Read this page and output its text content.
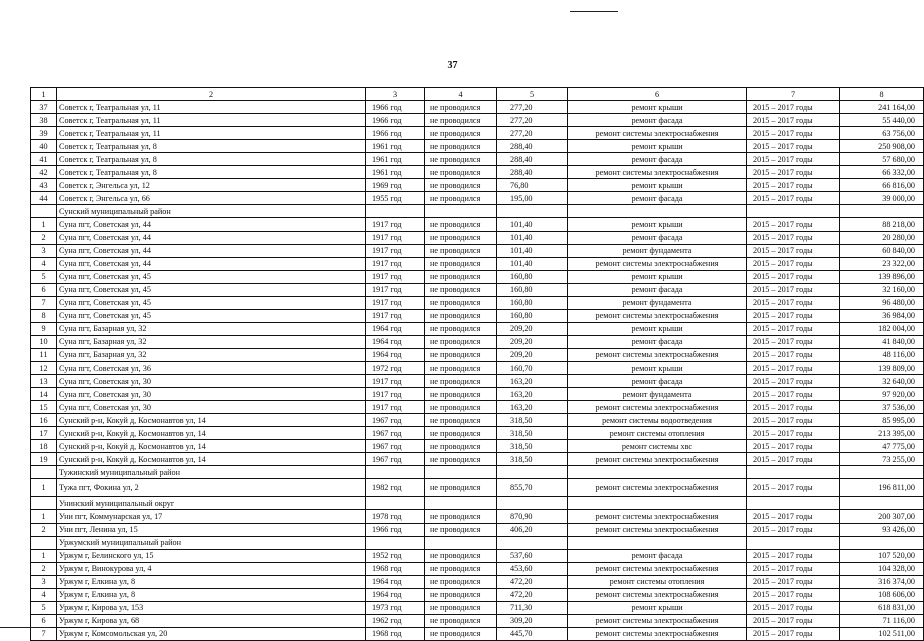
37
1	2	3	4	5	6	7	8
37	Советск г, Театральная ул, 11	1966 год	не проводился	277,20	ремонт крыши	2015 – 2017 годы	241 164,00
38	Советск г, Театральная ул, 11	1966 год	не проводился	277,20	ремонт фасада	2015 – 2017 годы	55 440,00
39	Советск г, Театральная ул, 11	1966 год	не проводился	277,20	ремонт системы электроснабжения	2015 – 2017 годы	63 756,00
40	Советск г, Театральная ул, 8	1961 год	не проводился	288,40	ремонт крыши	2015 – 2017 годы	250 908,00
41	Советск г, Театральная ул, 8	1961 год	не проводился	288,40	ремонт фасада	2015 – 2017 годы	57 680,00
42	Советск г, Театральная ул, 8	1961 год	не проводился	288,40	ремонт системы электроснабжения	2015 – 2017 годы	66 332,00
43	Советск г, Энгельса ул, 12	1969 год	не проводился	76,80	ремонт крыши	2015 – 2017 годы	66 816,00
44	Советск г, Энгельса ул, 66	1955 год	не проводился	195,00	ремонт фасада	2015 – 2017 годы	39 000,00
	Сунский муниципальный район						
1	Суна пгт, Советская ул, 44	1917 год	не проводился	101,40	ремонт крыши	2015 – 2017 годы	88 218,00
2	Суна пгт, Советская ул, 44	1917 год	не проводился	101,40	ремонт фасада	2015 – 2017 годы	20 280,00
3	Суна пгт, Советская ул, 44	1917 год	не проводился	101,40	ремонт фундамента	2015 – 2017 годы	60 840,00
4	Суна пгт, Советская ул, 44	1917 год	не проводился	101,40	ремонт системы электроснабжения	2015 – 2017 годы	23 322,00
5	Суна пгт, Советская ул, 45	1917 год	не проводился	160,80	ремонт крыши	2015 – 2017 годы	139 896,00
6	Суна пгт, Советская ул, 45	1917 год	не проводился	160,80	ремонт фасада	2015 – 2017 годы	32 160,00
7	Суна пгт, Советская ул, 45	1917 год	не проводился	160,80	ремонт фундамента	2015 – 2017 годы	96 480,00
8	Суна пгт, Советская ул, 45	1917 год	не проводился	160,80	ремонт системы электроснабжения	2015 – 2017 годы	36 984,00
9	Суна пгт, Базарная ул, 32	1964 год	не проводился	209,20	ремонт крыши	2015 – 2017 годы	182 004,00
10	Суна пгт, Базарная ул, 32	1964 год	не проводился	209,20	ремонт фасада	2015 – 2017 годы	41 840,00
11	Суна пгт, Базарная ул, 32	1964 год	не проводился	209,20	ремонт системы электроснабжения	2015 – 2017 годы	48 116,00
12	Суна пгт, Советская ул, 36	1972 год	не проводился	160,70	ремонт крыши	2015 – 2017 годы	139 809,00
13	Суна пгт, Советская ул, 30	1917 год	не проводился	163,20	ремонт фасада	2015 – 2017 годы	32 640,00
14	Суна пгт, Советская ул, 30	1917 год	не проводился	163,20	ремонт фундамента	2015 – 2017 годы	97 920,00
15	Суна пгт, Советская ул, 30	1917 год	не проводился	163,20	ремонт системы электроснабжения	2015 – 2017 годы	37 536,00
16	Сунский р-н, Кокуй д, Космонавтов ул, 14	1967 год	не проводился	318,50	ремонт системы водоотведения	2015 – 2017 годы	85 995,00
17	Сунский р-н, Кокуй д, Космонавтов ул, 14	1967 год	не проводился	318,50	ремонт системы отопления	2015 – 2017 годы	213 395,00
18	Сунский р-н, Кокуй д, Космонавтов ул, 14	1967 год	не проводился	318,50	ремонт системы хвс	2015 – 2017 годы	47 775,00
19	Сунский р-н, Кокуй д, Космонавтов ул, 14	1967 год	не проводился	318,50	ремонт системы электроснабжения	2015 – 2017 годы	73 255,00
	Тужинский муниципальный район						
1	Тужа пгт, Фокина ул, 2	1982 год	не проводился	855,70	ремонт системы электроснабжения	2015 – 2017 годы	196 811,00
	Унинский муниципальный округ						
1	Уни пгт, Коммунарская ул, 17	1978 год	не проводился	870,90	ремонт системы электроснабжения	2015 – 2017 годы	200 307,00
2	Уни пгт, Ленина ул, 15	1966 год	не проводился	406,20	ремонт системы электроснабжения	2015 – 2017 годы	93 426,00
	Уржумский муниципальный район						
1	Уржум г, Белинского ул, 15	1952 год	не проводился	537,60	ремонт фасада	2015 – 2017 годы	107 520,00
2	Уржум г, Винокурова ул, 4	1968 год	не проводился	453,60	ремонт системы электроснабжения	2015 – 2017 годы	104 328,00
3	Уржум г, Елкина ул, 8	1964 год	не проводился	472,20	ремонт системы отопления	2015 – 2017 годы	316 374,00
4	Уржум г, Елкина ул, 8	1964 год	не проводился	472,20	ремонт системы электроснабжения	2015 – 2017 годы	108 606,00
5	Уржум г, Кирова ул, 153	1973 год	не проводился	711,30	ремонт крыши	2015 – 2017 годы	618 831,00
6	Уржум г, Кирова ул, 68	1962 год	не проводился	309,20	ремонт системы электроснабжения	2015 – 2017 годы	71 116,00
7	Уржум г, Комсомольская ул, 20	1968 год	не проводился	445,70	ремонт системы электроснабжения	2015 – 2017 годы	102 511,00
